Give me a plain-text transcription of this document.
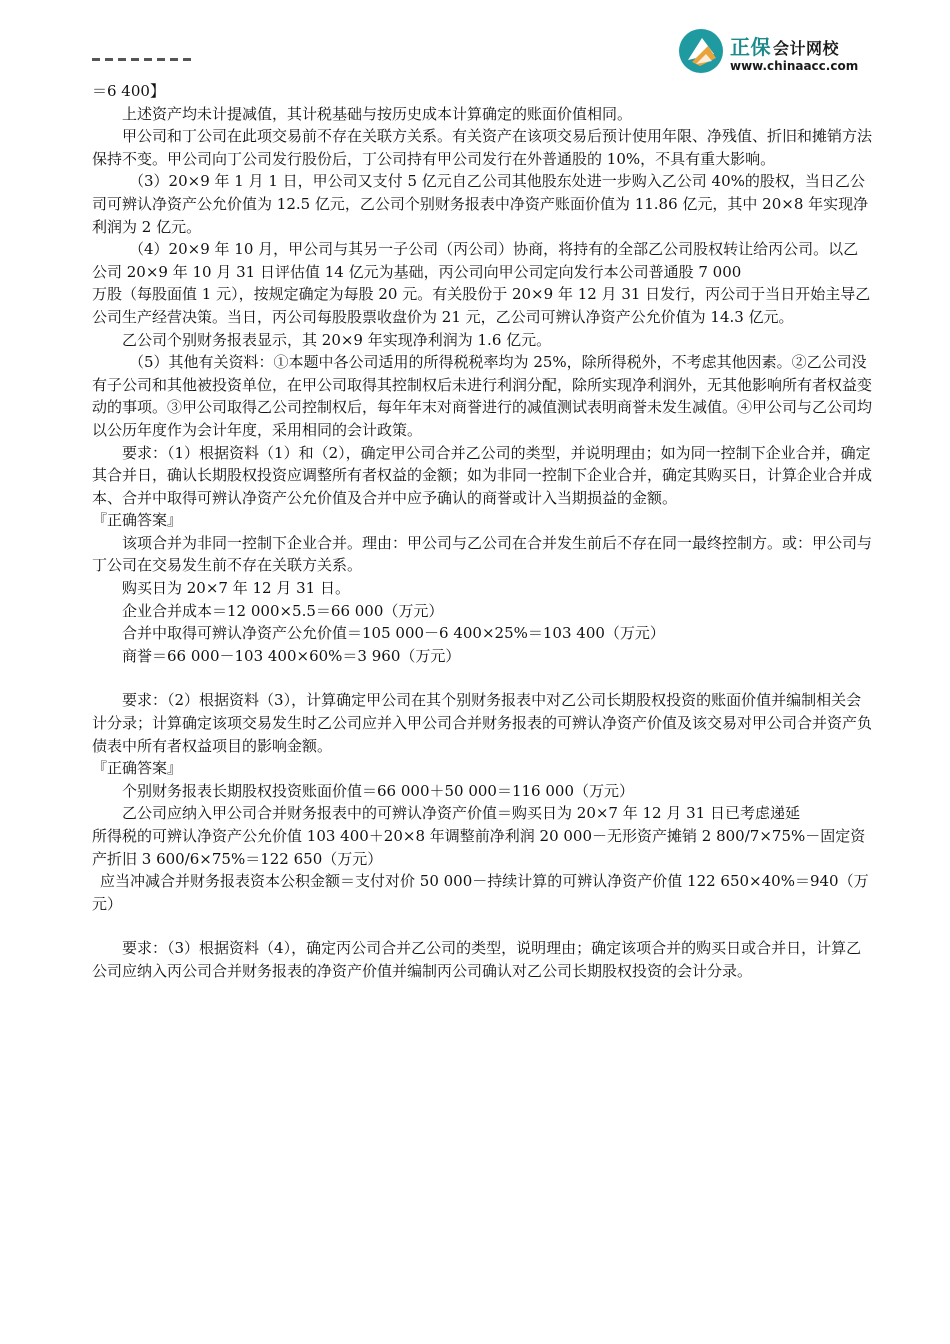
正保 会计网校
www.chinaacc.com

＝6 400】

上述资产均未计提减值，其计税基础与按历史成本计算确定的账面价值相同。

甲公司和丁公司在此项交易前不存在关联方关系。有关资产在该项交易后预计使用年限、净残值、折旧和摊销方法保持不变。甲公司向丁公司发行股份后，丁公司持有甲公司发行在外普通股的 10%，不具有重大影响。

（3）20×9 年 1 月 1 日，甲公司又支付 5 亿元自乙公司其他股东处进一步购入乙公司 40%的股权，当日乙公司可辨认净资产公允价值为 12.5 亿元，乙公司个别财务报表中净资产账面价值为 11.86 亿元，其中 20×8 年实现净利润为 2 亿元。

（4）20×9 年 10 月，甲公司与其另一子公司（丙公司）协商，将持有的全部乙公司股权转让给丙公司。以乙公司 20×9 年 10 月 31 日评估值 14 亿元为基础，丙公司向甲公司定向发行本公司普通股 7 000

万股（每股面值 1 元），按规定确定为每股 20 元。有关股份于 20×9 年 12 月 31 日发行，丙公司于当日开始主导乙公司生产经营决策。当日，丙公司每股股票收盘价为 21 元，乙公司可辨认净资产公允价值为 14.3 亿元。

乙公司个别财务报表显示，其 20×9 年实现净利润为 1.6 亿元。

（5）其他有关资料：①本题中各公司适用的所得税税率均为 25%，除所得税外，不考虑其他因素。②乙公司没有子公司和其他被投资单位，在甲公司取得其控制权后未进行利润分配，除所实现净利润外，无其他影响所有者权益变动的事项。③甲公司取得乙公司控制权后，每年年末对商誉进行的减值测试表明商誉未发生减值。④甲公司与乙公司均以公历年度作为会计年度，采用相同的会计政策。

要求：（1）根据资料（1）和（2），确定甲公司合并乙公司的类型，并说明理由；如为同一控制下企业合并，确定其合并日，确认长期股权投资应调整所有者权益的金额；如为非同一控制下企业合并，确定其购买日，计算企业合并成本、合并中取得可辨认净资产公允价值及合并中应予确认的商誉或计入当期损益的金额。

『正确答案』

该项合并为非同一控制下企业合并。理由：甲公司与乙公司在合并发生前后不存在同一最终控制方。或：甲公司与丁公司在交易发生前不存在关联方关系。

购买日为 20×7 年 12 月 31 日。

企业合并成本＝12 000×5.5＝66 000（万元）

合并中取得可辨认净资产公允价值＝105 000－6 400×25%＝103 400（万元）

商誉＝66 000－103 400×60%＝3 960（万元）

要求：（2）根据资料（3），计算确定甲公司在其个别财务报表中对乙公司长期股权投资的账面价值并编制相关会计分录；计算确定该项交易发生时乙公司应并入甲公司合并财务报表的可辨认净资产价值及该交易对甲公司合并资产负债表中所有者权益项目的影响金额。

『正确答案』

个别财务报表长期股权投资账面价值＝66 000＋50 000＝116 000（万元）

乙公司应纳入甲公司合并财务报表中的可辨认净资产价值＝购买日为 20×7 年 12 月 31 日已考虑递延

所得税的可辨认净资产公允价值 103 400＋20×8 年调整前净利润 20 000－无形资产摊销 2 800/7×75%－固定资产折旧 3 600/6×75%＝122 650（万元）

应当冲减合并财务报表资本公积金额＝支付对价 50 000－持续计算的可辨认净资产价值 122 650×40%＝940（万元）

要求：（3）根据资料（4），确定丙公司合并乙公司的类型，说明理由；确定该项合并的购买日或合并日，计算乙公司应纳入丙公司合并财务报表的净资产价值并编制丙公司确认对乙公司长期股权投资的会计分录。
